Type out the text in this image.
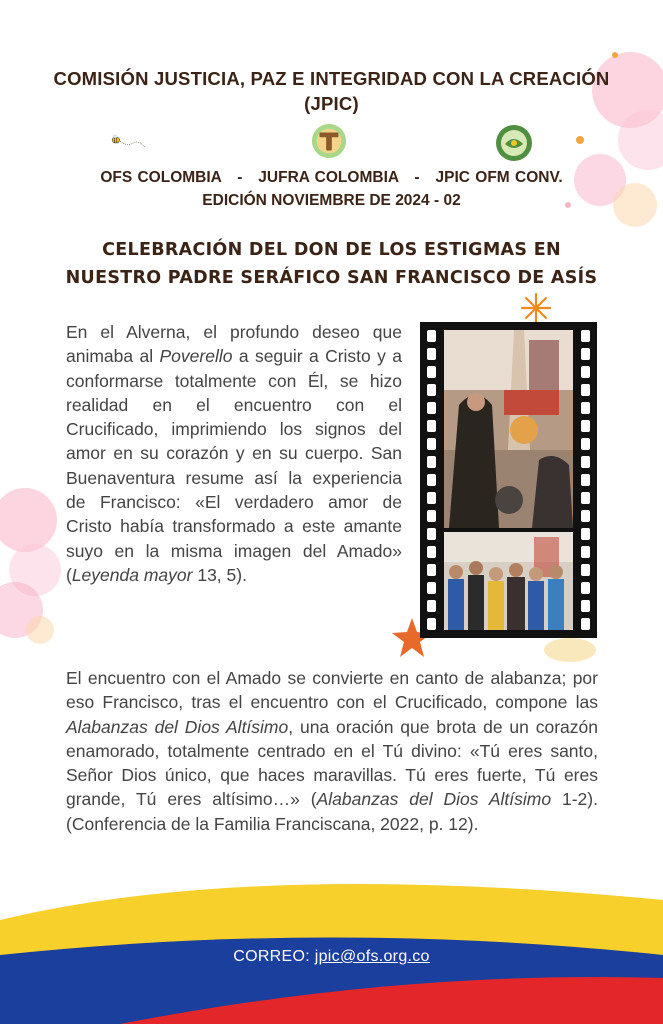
COMISIÓN JUSTICIA, PAZ E INTEGRIDAD CON LA CREACIÓN (JPIC)
OFS COLOMBIA   -   JUFRA COLOMBIA   -   JPIC OFM CONV.
EDICIÓN NOVIEMBRE DE 2024 - 02
CELEBRACIÓN DEL DON DE LOS ESTIGMAS EN NUESTRO PADRE SERÁFICO SAN FRANCISCO DE ASÍS

En el Alverna, el profundo deseo que animaba al Poverello a seguir a Cristo y a conformarse totalmente con Él, se hizo realidad en el encuentro con el Crucificado, imprimiendo los signos del amor en su corazón y en su cuerpo. San Buenaventura resume así la experiencia de Francisco: «El verdadero amor de Cristo había transformado a este amante suyo en la misma imagen del Amado» (Leyenda mayor 13, 5).

El encuentro con el Amado se convierte en canto de alabanza; por eso Francisco, tras el encuentro con el Crucificado, compone las Alabanzas del Dios Altísimo, una oración que brota de un corazón enamorado, totalmente centrado en el Tú divino: «Tú eres santo, Señor Dios único, que haces maravillas. Tú eres fuerte, Tú eres grande, Tú eres altísimo…» (Alabanzas del Dios Altísimo 1-2). (Conferencia de la Familia Franciscana, 2022, p. 12).

CORREO: jpic@ofs.org.co
